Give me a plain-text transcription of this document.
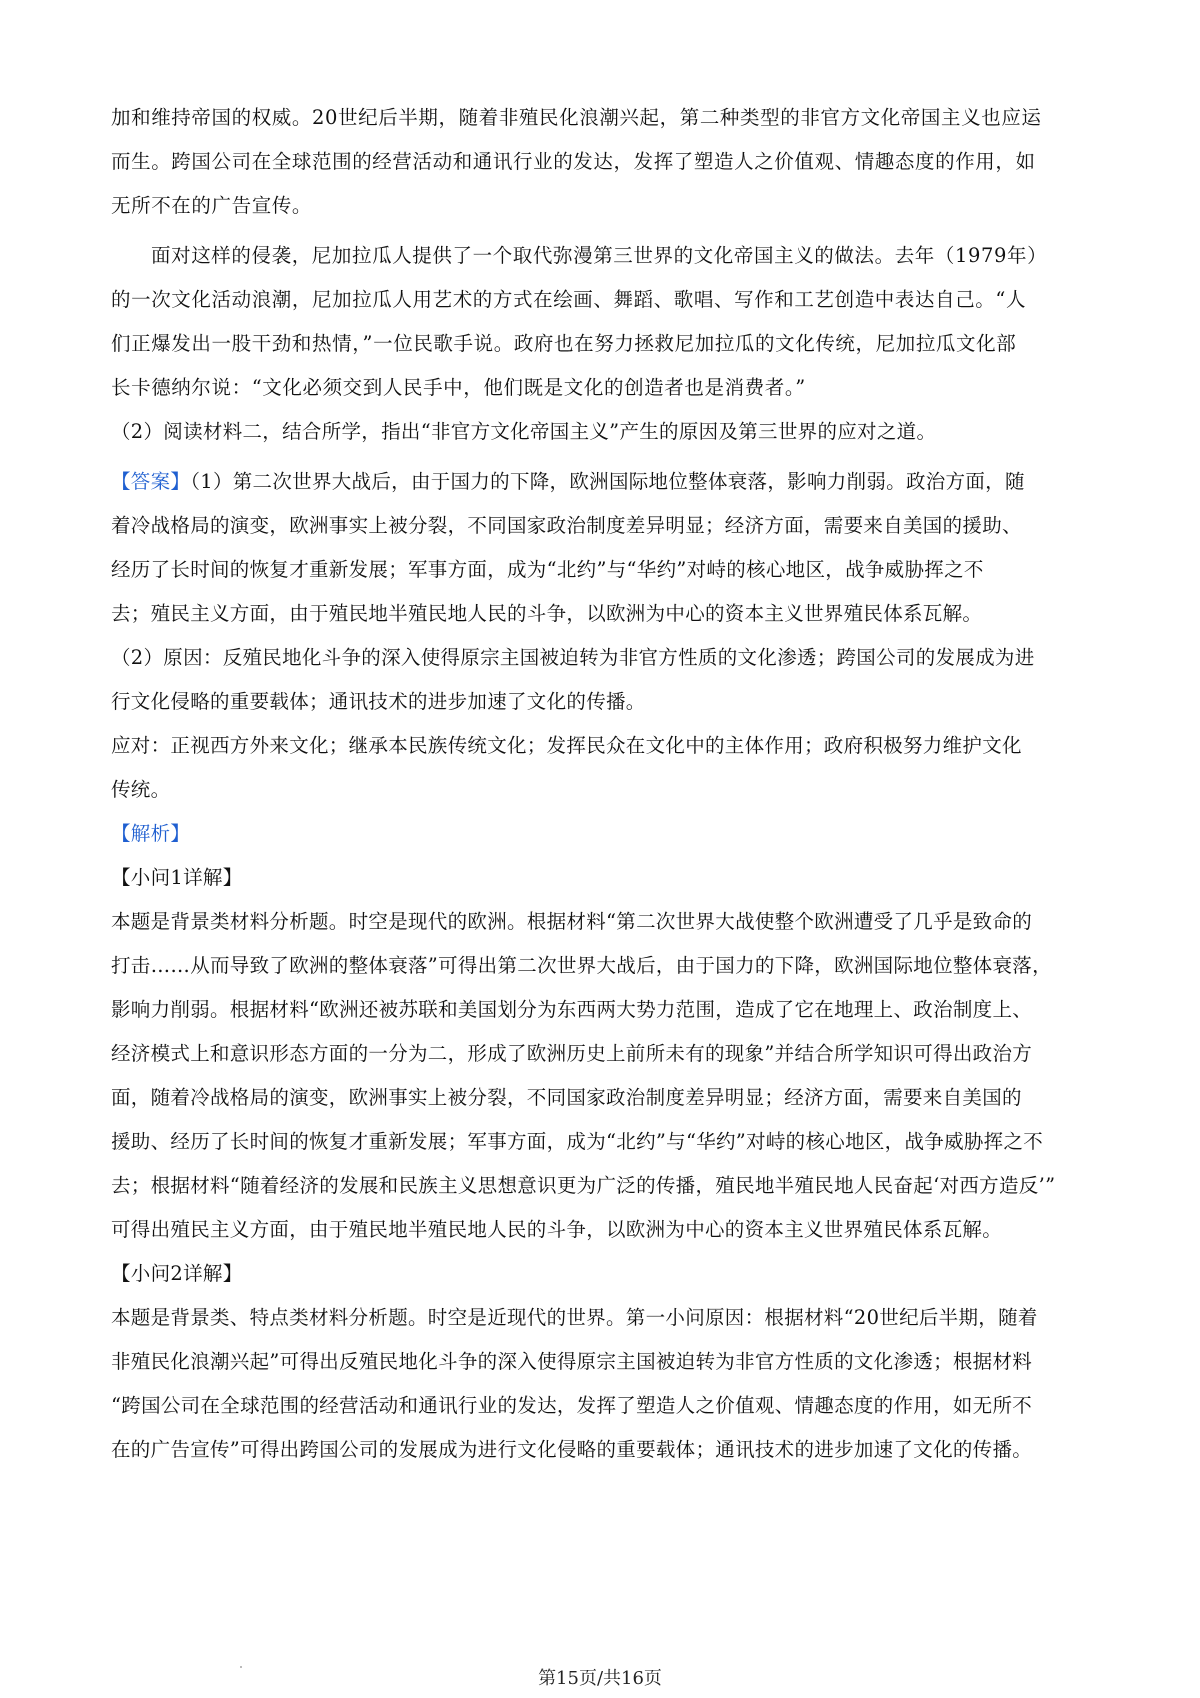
加和维持帝国的权威。20世纪后半期，随着非殖民化浪潮兴起，第二种类型的非官方文化帝国主义也应运
而生。跨国公司在全球范围的经营活动和通讯行业的发达，发挥了塑造人之价值观、情趣态度的作用，如
无所不在的广告宣传。
面对这样的侵袭，尼加拉瓜人提供了一个取代弥漫第三世界的文化帝国主义的做法。去年（1979年）
的一次文化活动浪潮，尼加拉瓜人用艺术的方式在绘画、舞蹈、歌唱、写作和工艺创造中表达自己。“人
们正爆发出一股干劲和热情，”一位民歌手说。政府也在努力拯救尼加拉瓜的文化传统，尼加拉瓜文化部
长卡德纳尔说：“文化必须交到人民手中，他们既是文化的创造者也是消费者。”
（2）阅读材料二，结合所学，指出“非官方文化帝国主义”产生的原因及第三世界的应对之道。
【答案】（1）第二次世界大战后，由于国力的下降，欧洲国际地位整体衰落，影响力削弱。政治方面，随
着冷战格局的演变，欧洲事实上被分裂，不同国家政治制度差异明显；经济方面，需要来自美国的援助、
经历了长时间的恢复才重新发展；军事方面，成为“北约”与“华约”对峙的核心地区，战争威胁挥之不
去；殖民主义方面，由于殖民地半殖民地人民的斗争，以欧洲为中心的资本主义世界殖民体系瓦解。
（2）原因：反殖民地化斗争的深入使得原宗主国被迫转为非官方性质的文化渗透；跨国公司的发展成为进
行文化侵略的重要载体；通讯技术的进步加速了文化的传播。
应对：正视西方外来文化；继承本民族传统文化；发挥民众在文化中的主体作用；政府积极努力维护文化
传统。
【解析】
【小问1详解】
本题是背景类材料分析题。时空是现代的欧洲。根据材料“第二次世界大战使整个欧洲遭受了几乎是致命的
打击……从而导致了欧洲的整体衰落”可得出第二次世界大战后，由于国力的下降，欧洲国际地位整体衰落，
影响力削弱。根据材料“欧洲还被苏联和美国划分为东西两大势力范围，造成了它在地理上、政治制度上、
经济模式上和意识形态方面的一分为二，形成了欧洲历史上前所未有的现象”并结合所学知识可得出政治方
面，随着冷战格局的演变，欧洲事实上被分裂，不同国家政治制度差异明显；经济方面，需要来自美国的
援助、经历了长时间的恢复才重新发展；军事方面，成为“北约”与“华约”对峙的核心地区，战争威胁挥之不
去；根据材料“随着经济的发展和民族主义思想意识更为广泛的传播，殖民地半殖民地人民奋起‘对西方造反’”
可得出殖民主义方面，由于殖民地半殖民地人民的斗争，以欧洲为中心的资本主义世界殖民体系瓦解。
【小问2详解】
本题是背景类、特点类材料分析题。时空是近现代的世界。第一小问原因：根据材料“20世纪后半期，随着
非殖民化浪潮兴起”可得出反殖民地化斗争的深入使得原宗主国被迫转为非官方性质的文化渗透；根据材料
“跨国公司在全球范围的经营活动和通讯行业的发达，发挥了塑造人之价值观、情趣态度的作用，如无所不
在的广告宣传”可得出跨国公司的发展成为进行文化侵略的重要载体；通讯技术的进步加速了文化的传播。
第15页/共16页
